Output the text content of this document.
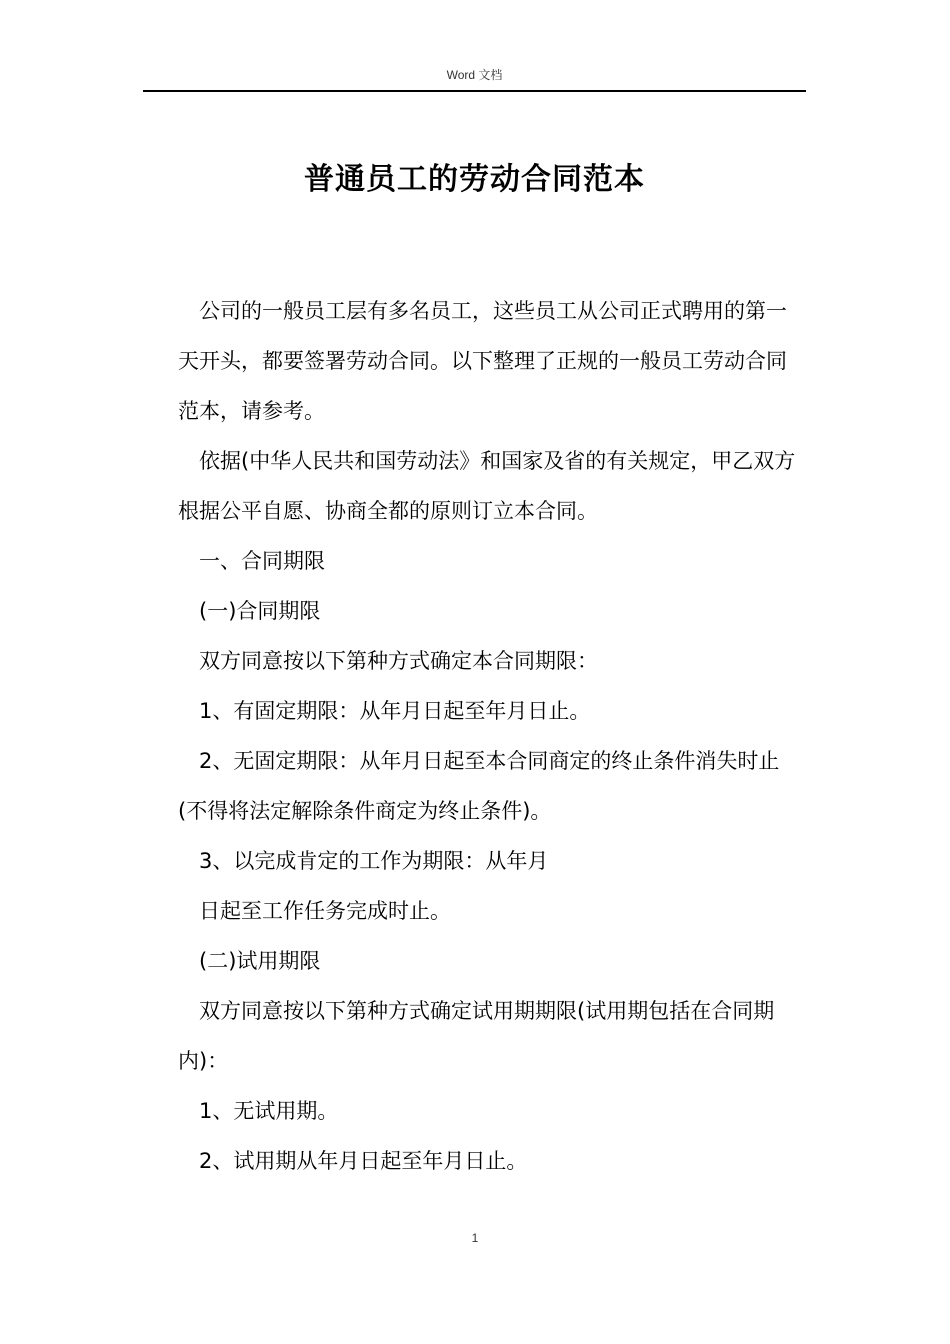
Word 文档
普通员工的劳动合同范本

公司的一般员工层有多名员工，这些员工从公司正式聘用的第一天开头，都要签署劳动合同。以下整理了正规的一般员工劳动合同范本，请参考。

依据(中华人民共和国劳动法》和国家及省的有关规定，甲乙双方根据公平自愿、协商全都的原则订立本合同。

一、合同期限

(一)合同期限

双方同意按以下第种方式确定本合同期限：

1、有固定期限：从年月日起至年月日止。

2、无固定期限：从年月日起至本合同商定的终止条件消失时止(不得将法定解除条件商定为终止条件)。

3、以完成肯定的工作为期限：从年月

日起至工作任务完成时止。

(二)试用期限

双方同意按以下第种方式确定试用期期限(试用期包括在合同期内)：

1、无试用期。

2、试用期从年月日起至年月日止。

1
